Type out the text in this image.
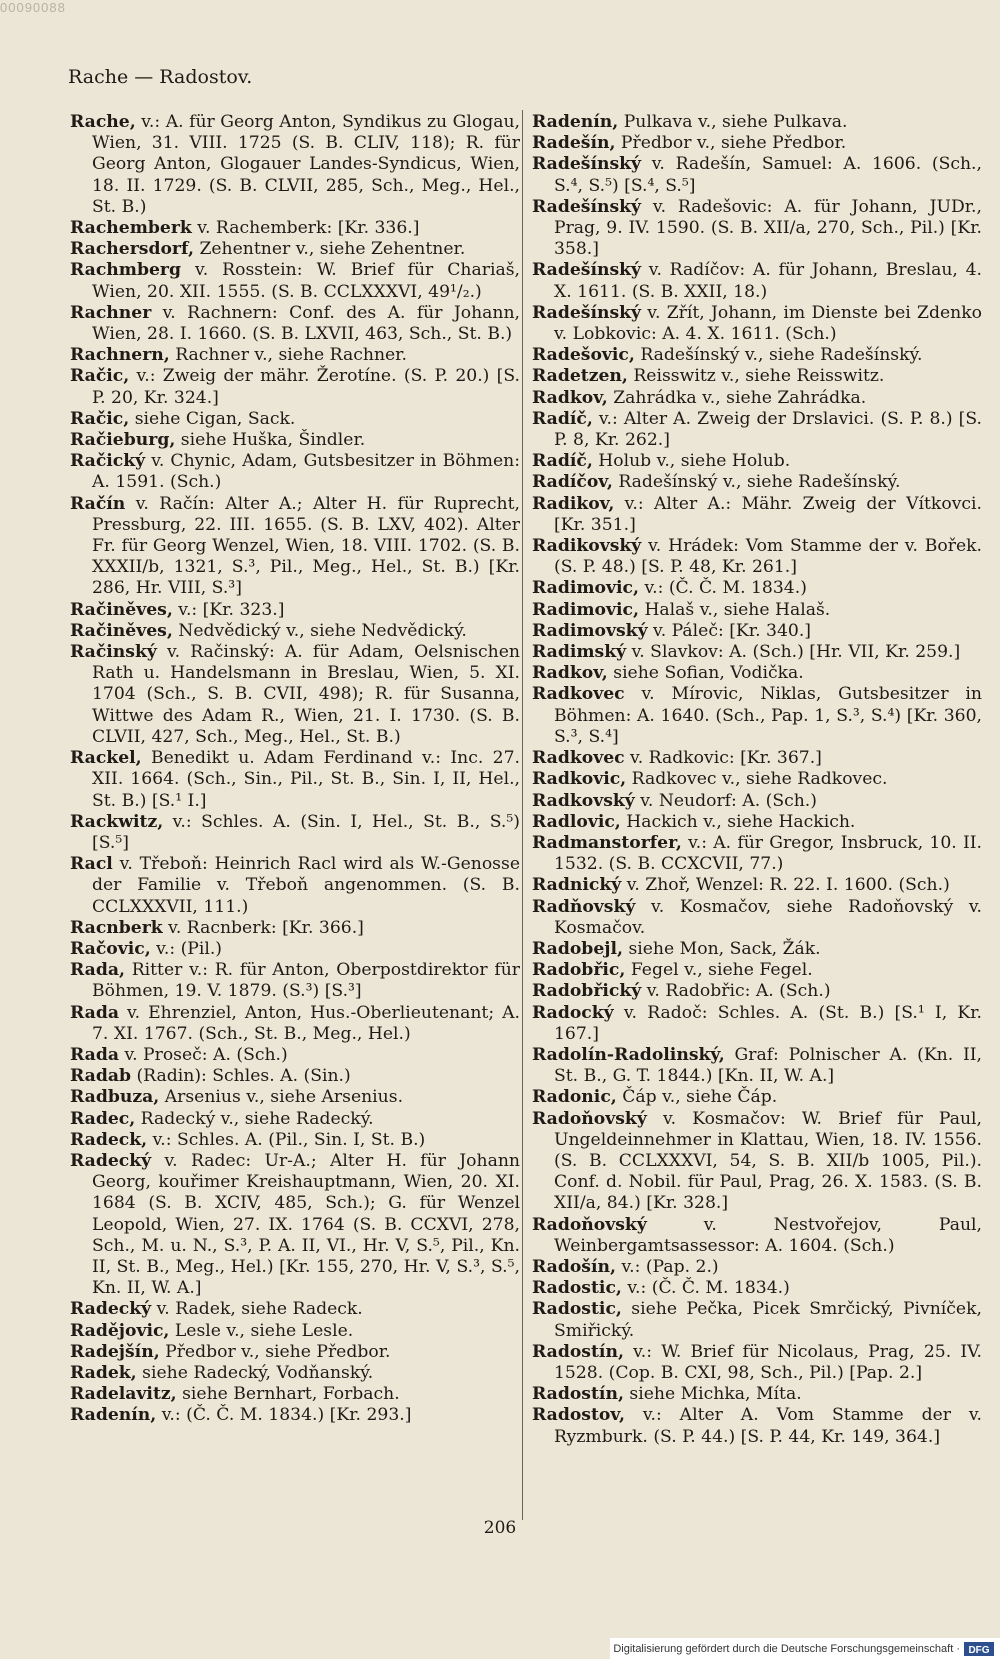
00090088
Rache — Radostov.

Rache, v.: A. für Georg Anton, Syndikus zu Glogau, Wien, 31. VIII. 1725 (S. B. CLIV, 118); R. für Georg Anton, Glogauer Landes-Syndicus, Wien, 18. II. 1729. (S. B. CLVII, 285, Sch., Meg., Hel., St. B.)

Rachemberk v. Rachemberk: [Kr. 336.]

Rachersdorf, Zehentner v., siehe Zehentner.

Rachmberg v. Rosstein: W. Brief für Chariaš, Wien, 20. XII. 1555. (S. B. CCLXXXVI, 49¹/₂.)

Rachner v. Rachnern: Conf. des A. für Johann, Wien, 28. I. 1660. (S. B. LXVII, 463, Sch., St. B.)

Rachnern, Rachner v., siehe Rachner.

Račic, v.: Zweig der mähr. Žerotíne. (S. P. 20.) [S. P. 20, Kr. 324.]

Račic, siehe Cigan, Sack.

Račieburg, siehe Huška, Šindler.

Račický v. Chynic, Adam, Gutsbesitzer in Böhmen: A. 1591. (Sch.)

Račín v. Račín: Alter A.; Alter H. für Ruprecht, Pressburg, 22. III. 1655. (S. B. LXV, 402). Alter Fr. für Georg Wenzel, Wien, 18. VIII. 1702. (S. B. XXXII/b, 1321, S.³, Pil., Meg., Hel., St. B.) [Kr. 286, Hr. VIII, S.³]

Račiněves, v.: [Kr. 323.]

Račiněves, Nedvědický v., siehe Nedvědický.

Račinský v. Račinský: A. für Adam, Oelsnischen Rath u. Handelsmann in Breslau, Wien, 5. XI. 1704 (Sch., S. B. CVII, 498); R. für Susanna, Wittwe des Adam R., Wien, 21. I. 1730. (S. B. CLVII, 427, Sch., Meg., Hel., St. B.)

Rackel, Benedikt u. Adam Ferdinand v.: Inc. 27. XII. 1664. (Sch., Sin., Pil., St. B., Sin. I, II, Hel., St. B.) [S.¹ I.]

Rackwitz, v.: Schles. A. (Sin. I, Hel., St. B., S.⁵) [S.⁵]

Racl v. Třeboň: Heinrich Racl wird als W.-Genosse der Familie v. Třeboň angenommen. (S. B. CCLXXXVII, 111.)

Racnberk v. Racnberk: [Kr. 366.]

Račovic, v.: (Pil.)

Rada, Ritter v.: R. für Anton, Oberpostdirektor für Böhmen, 19. V. 1879. (S.³) [S.³]

Rada v. Ehrenziel, Anton, Hus.-Oberlieutenant; A. 7. XI. 1767. (Sch., St. B., Meg., Hel.)

Rada v. Proseč: A. (Sch.)

Radab (Radin): Schles. A. (Sin.)

Radbuza, Arsenius v., siehe Arsenius.

Radec, Radecký v., siehe Radecký.

Radeck, v.: Schles. A. (Pil., Sin. I, St. B.)

Radecký v. Radec: Ur-A.; Alter H. für Johann Georg, kouřimer Kreishauptmann, Wien, 20. XI. 1684 (S. B. XCIV, 485, Sch.); G. für Wenzel Leopold, Wien, 27. IX. 1764 (S. B. CCXVI, 278, Sch., M. u. N., S.³, P. A. II, VI., Hr. V, S.⁵, Pil., Kn. II, St. B., Meg., Hel.) [Kr. 155, 270, Hr. V, S.³, S.⁵, Kn. II, W. A.]

Radecký v. Radek, siehe Radeck.

Radějovic, Lesle v., siehe Lesle.

Radejšín, Předbor v., siehe Předbor.

Radek, siehe Radecký, Vodňanský.

Radelavitz, siehe Bernhart, Forbach.

Radenín, v.: (Č. Č. M. 1834.) [Kr. 293.]

Radenín, Pulkava v., siehe Pulkava.

Radešín, Předbor v., siehe Předbor.

Radešínský v. Radešín, Samuel: A. 1606. (Sch., S.⁴, S.⁵) [S.⁴, S.⁵]

Radešínský v. Radešovic: A. für Johann, JUDr., Prag, 9. IV. 1590. (S. B. XII/a, 270, Sch., Pil.) [Kr. 358.]

Radešínský v. Radíčov: A. für Johann, Breslau, 4. X. 1611. (S. B. XXII, 18.)

Radešínský v. Zřít, Johann, im Dienste bei Zdenko v. Lobkovic: A. 4. X. 1611. (Sch.)

Radešovic, Radešínský v., siehe Radešínský.

Radetzen, Reisswitz v., siehe Reisswitz.

Radkov, Zahrádka v., siehe Zahrádka.

Radíč, v.: Alter A. Zweig der Drslavici. (S. P. 8.) [S. P. 8, Kr. 262.]

Radíč, Holub v., siehe Holub.

Radíčov, Radešínský v., siehe Radešínský.

Radikov, v.: Alter A.: Mähr. Zweig der Vítkovci. [Kr. 351.]

Radikovský v. Hrádek: Vom Stamme der v. Bořek. (S. P. 48.) [S. P. 48, Kr. 261.]

Radimovic, v.: (Č. Č. M. 1834.)

Radimovic, Halaš v., siehe Halaš.

Radimovský v. Páleč: [Kr. 340.]

Radimský v. Slavkov: A. (Sch.) [Hr. VII, Kr. 259.]

Radkov, siehe Sofian, Vodička.

Radkovec v. Mírovic, Niklas, Gutsbesitzer in Böhmen: A. 1640. (Sch., Pap. 1, S.³, S.⁴) [Kr. 360, S.³, S.⁴]

Radkovec v. Radkovic: [Kr. 367.]

Radkovic, Radkovec v., siehe Radkovec.

Radkovský v. Neudorf: A. (Sch.)

Radlovic, Hackich v., siehe Hackich.

Radmanstorfer, v.: A. für Gregor, Insbruck, 10. II. 1532. (S. B. CCXCVII, 77.)

Radnický v. Zhoř, Wenzel: R. 22. I. 1600. (Sch.)

Radňovský v. Kosmačov, siehe Radoňovský v. Kosmačov.

Radobejl, siehe Mon, Sack, Žák.

Radobřic, Fegel v., siehe Fegel.

Radobřický v. Radobřic: A. (Sch.)

Radocký v. Radoč: Schles. A. (St. B.) [S.¹ I, Kr. 167.]

Radolín-Radolinský, Graf: Polnischer A. (Kn. II, St. B., G. T. 1844.) [Kn. II, W. A.]

Radonic, Čáp v., siehe Čáp.

Radoňovský v. Kosmačov: W. Brief für Paul, Ungeldeinnehmer in Klattau, Wien, 18. IV. 1556. (S. B. CCLXXXVI, 54, S. B. XII/b 1005, Pil.). Conf. d. Nobil. für Paul, Prag, 26. X. 1583. (S. B. XII/a, 84.) [Kr. 328.]

Radoňovský v. Nestvořejov, Paul, Weinbergamtsassessor: A. 1604. (Sch.)

Radošín, v.: (Pap. 2.)

Radostic, v.: (Č. Č. M. 1834.)

Radostic, siehe Pečka, Picek Smrčický, Pivníček, Smiřický.

Radostín, v.: W. Brief für Nicolaus, Prag, 25. IV. 1528. (Cop. B. CXI, 98, Sch., Pil.) [Pap. 2.]

Radostín, siehe Michka, Míta.

Radostov, v.: Alter A. Vom Stamme der v. Ryzmburk. (S. P. 44.) [S. P. 44, Kr. 149, 364.]

206
Digitalisierung gefördert durch die Deutsche Forschungsgemeinschaft · DFG
